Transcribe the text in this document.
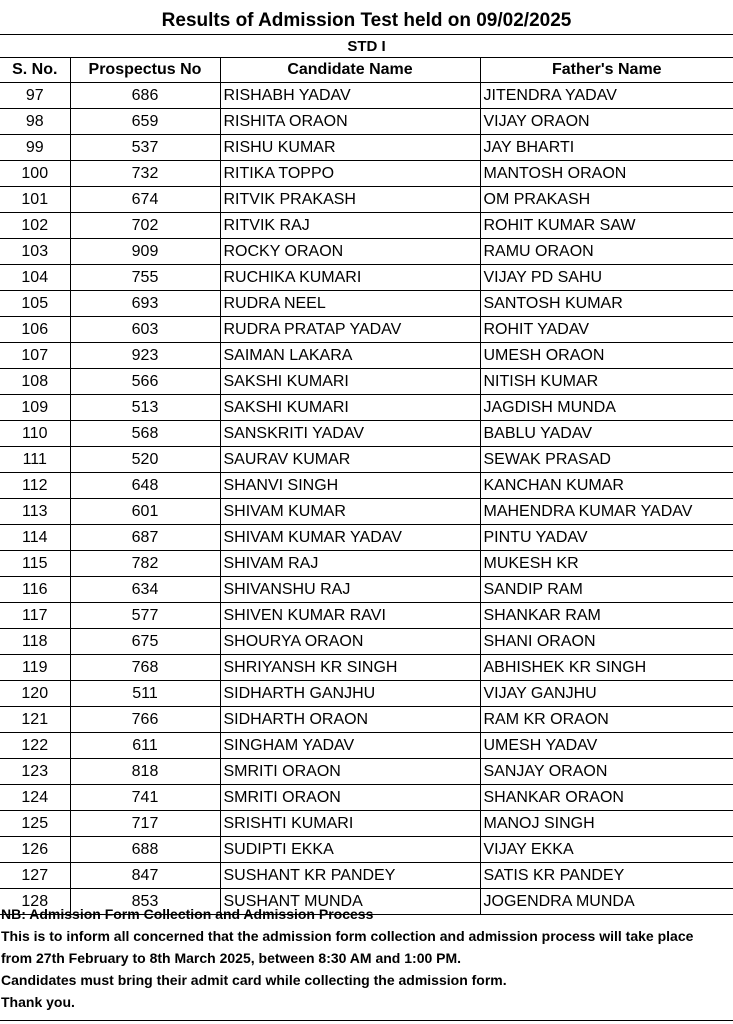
Results of Admission Test held on 09/02/2025			
STD I			
S. No.	Prospectus No	Candidate Name	Father's Name
97	686	RISHABH YADAV	JITENDRA YADAV
98	659	RISHITA ORAON	VIJAY ORAON
99	537	RISHU KUMAR	JAY BHARTI
100	732	RITIKA TOPPO	MANTOSH ORAON
101	674	RITVIK PRAKASH	OM PRAKASH
102	702	RITVIK RAJ	ROHIT KUMAR SAW
103	909	ROCKY ORAON	RAMU ORAON
104	755	RUCHIKA KUMARI	VIJAY PD SAHU
105	693	RUDRA NEEL	SANTOSH KUMAR
106	603	RUDRA PRATAP YADAV	ROHIT YADAV
107	923	SAIMAN LAKARA	UMESH ORAON
108	566	SAKSHI KUMARI	NITISH KUMAR
109	513	SAKSHI KUMARI	JAGDISH MUNDA
110	568	SANSKRITI YADAV	BABLU YADAV
111	520	SAURAV KUMAR	SEWAK PRASAD
112	648	SHANVI SINGH	KANCHAN KUMAR
113	601	SHIVAM KUMAR	MAHENDRA KUMAR YADAV
114	687	SHIVAM KUMAR YADAV	PINTU YADAV
115	782	SHIVAM RAJ	MUKESH KR
116	634	SHIVANSHU RAJ	SANDIP RAM
117	577	SHIVEN KUMAR RAVI	SHANKAR RAM
118	675	SHOURYA ORAON	SHANI ORAON
119	768	SHRIYANSH KR SINGH	ABHISHEK KR SINGH
120	511	SIDHARTH GANJHU	VIJAY GANJHU
121	766	SIDHARTH ORAON	RAM KR ORAON
122	611	SINGHAM YADAV	UMESH YADAV
123	818	SMRITI ORAON	SANJAY ORAON
124	741	SMRITI ORAON	SHANKAR ORAON
125	717	SRISHTI KUMARI	MANOJ SINGH
126	688	SUDIPTI EKKA	VIJAY EKKA
127	847	SUSHANT KR PANDEY	SATIS KR PANDEY
128	853	SUSHANT MUNDA	JOGENDRA MUNDA
NB: Admission Form Collection and Admission Process
This is to inform all concerned that the admission form collection and admission process will take place
from 27th February to 8th March 2025, between 8:30 AM and 1:00 PM.
Candidates must bring their admit card while collecting the admission form.
Thank you.
